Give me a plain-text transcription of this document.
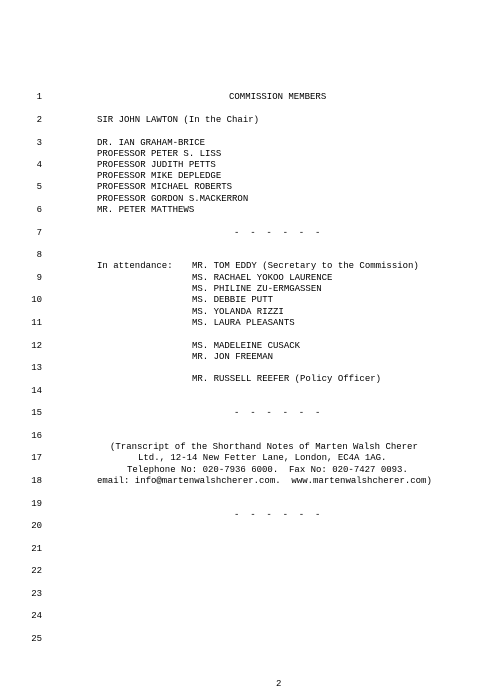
1
2
3
4
5
6
7
8
9
10
11
12
13
14
15
16
17
18
19
20
21
22
23
24
25
COMMISSION MEMBERS
SIR JOHN LAWTON (In the Chair)
DR. IAN GRAHAM-BRICE
PROFESSOR PETER S. LISS
PROFESSOR JUDITH PETTS
PROFESSOR MIKE DEPLEDGE
PROFESSOR MICHAEL ROBERTS
PROFESSOR GORDON S.MACKERRON
MR. PETER MATTHEWS
-  -  -  -  -  -
In attendance: MR. TOM EDDY (Secretary to the Commission)
MS. RACHAEL YOKOO LAURENCE
MS. PHILINE ZU-ERMGASSEN
MS. DEBBIE PUTT
MS. YOLANDA RIZZI
MS. LAURA PLEASANTS
MS. MADELEINE CUSACK
MR. JON FREEMAN
MR. RUSSELL REEFER (Policy Officer)
-  -  -  -  -  -
(Transcript of the Shorthand Notes of Marten Walsh Cherer
Ltd., 12-14 New Fetter Lane, London, EC4A 1AG.
Telephone No: 020-7936 6000.  Fax No: 020-7427 0093.
email: info@martenwalshcherer.com.  www.martenwalshcherer.com)
-  -  -  -  -  -
2
